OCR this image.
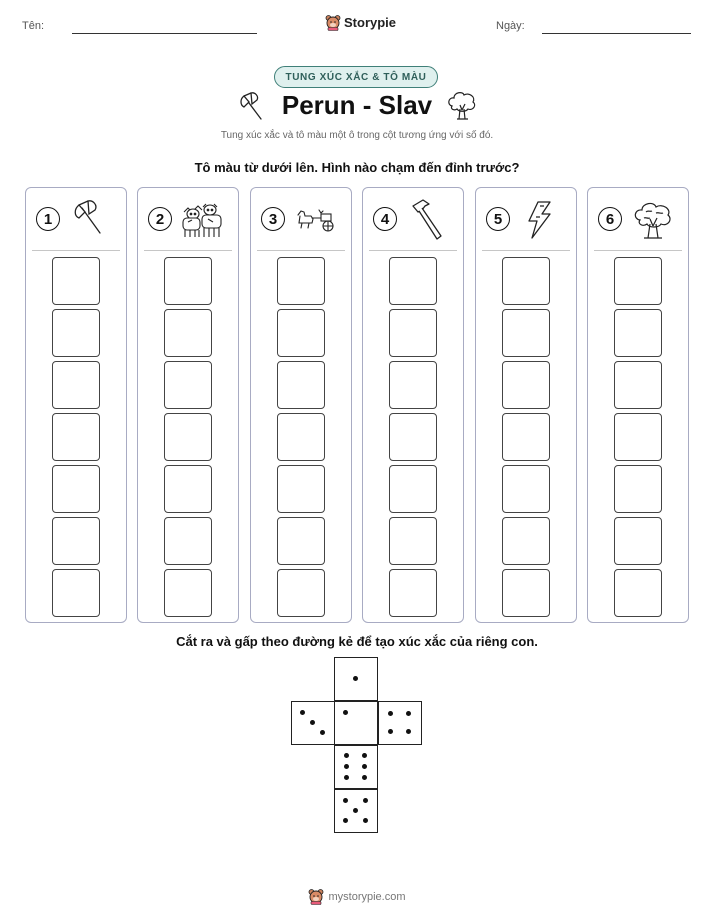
Tên:	Storypie	Ngày:
TUNG XÚC XẮC & TÔ MÀU
Perun - Slav
Tung xúc xắc và tô màu một ô trong cột tương ứng với số đó.
Tô màu từ dưới lên. Hình nào chạm đến đỉnh trước?
1	2	3	4	5	6
Cắt ra và gấp theo đường kẻ để tạo xúc xắc của riêng con.
mystorypie.com
